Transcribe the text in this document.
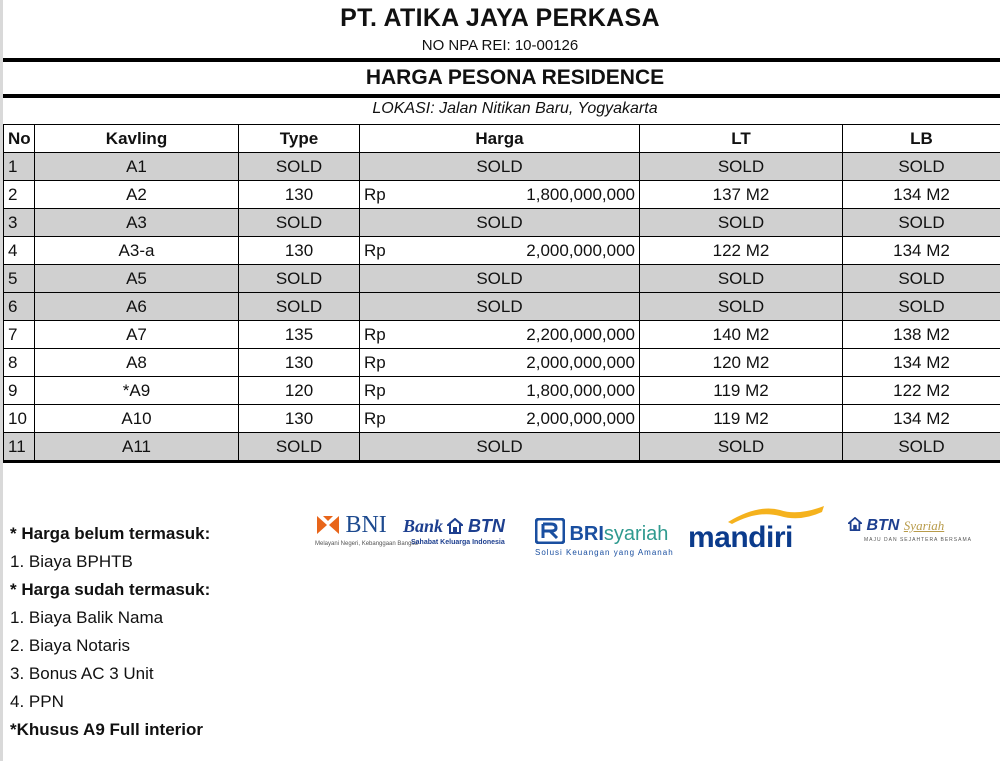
PT. ATIKA JAYA PERKASA
NO NPA REI: 10-00126
HARGA PESONA RESIDENCE
LOKASI: Jalan Nitikan Baru, Yogyakarta
No	Kavling	Type	Harga	LT	LB
1	A1	SOLD	SOLD	SOLD	SOLD
2	A2	130	Rp 1,800,000,000	137 M2	134 M2
3	A3	SOLD	SOLD	SOLD	SOLD
4	A3-a	130	Rp 2,000,000,000	122 M2	134 M2
5	A5	SOLD	SOLD	SOLD	SOLD
6	A6	SOLD	SOLD	SOLD	SOLD
7	A7	135	Rp 2,200,000,000	140 M2	138 M2
8	A8	130	Rp 2,000,000,000	120 M2	134 M2
9	*A9	120	Rp 1,800,000,000	119 M2	122 M2
10	A10	130	Rp 2,000,000,000	119 M2	134 M2
11	A11	SOLD	SOLD	SOLD	SOLD
* Harga belum termasuk:
1. Biaya BPHTB
* Harga sudah termasuk:
1. Biaya Balik Nama
2. Biaya Notaris
3. Bonus AC 3 Unit
4. PPN
*Khusus A9 Full interior
BNI
Melayani Negeri, Kebanggaan Bangsa
Bank BTN
Sahabat Keluarga Indonesia	BRIsyariah
Solusi Keuangan yang Amanah mandiri	BTN Syariah
MAJU DAN SEJAHTERA BERSAMA
